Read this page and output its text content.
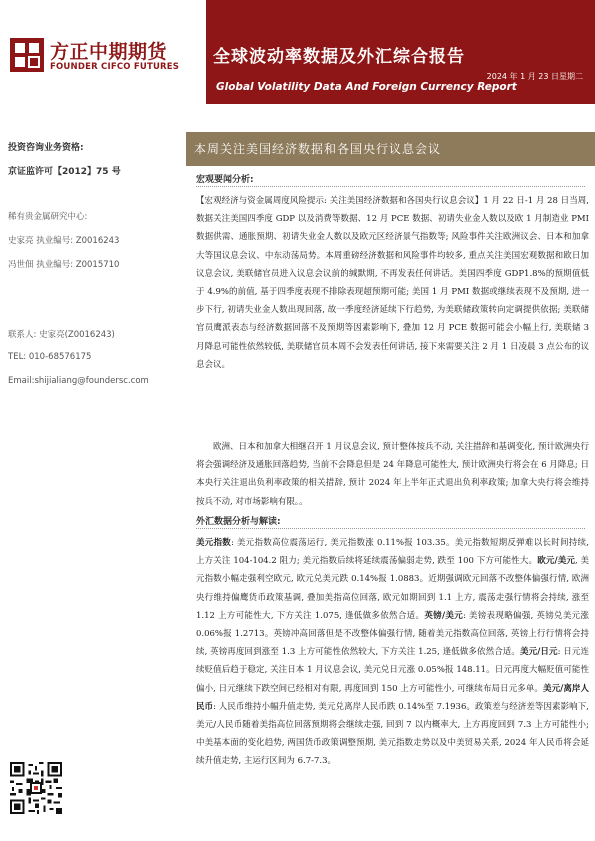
方正中期期货
FOUNDER CIFCO FUTURES 全球波动率数据及外汇综合报告
2024 年 1 月 23 日星期二
Global Volatility Data And Foreign Currency Report
投资咨询业务资格:
京证监许可【2012】75 号
稀有贵金属研究中心:
史家亮 执业编号: Z0016243
冯世佃 执业编号: Z0015710
联系人: 史家亮(Z0016243)
TEL: 010-68576175
Email:shijialiang@foundersc.com
本周关注美国经济数据和各国央行议息会议
宏观要闻分析:
【宏观经济与资金属周度风险提示: 关注美国经济数据和各国央行议息会议】1 月 22 日-1 月 28 日当周, 数据关注美国四季度 GDP 以及消费等数据、12 月 PCE 数据、初请失业金人数以及欧 1 月制造业 PMI 数据供需、通胀预期、初请失业金人数以及欧元区经济景气指数等; 风险事件关注欧洲议会、日本和加拿大等国议息会议、中东动荡局势。本周重磅经济数据和风险事件均较多, 重点关注美国宏观数据和欧日加议息会议, 美联储官员进入议息会议前的缄默期, 不再发表任何讲话。美国四季度 GDP1.8%的预期值低于 4.9%的前值, 基于四季度表现不排除表现超预期可能; 美国 1 月 PMI 数据或继续表现不及预期, 进一步下行, 初请失业金人数出现回落, 故一季度经济延续下行趋势, 为美联储政策转向定调提供依据; 美联储官员鹰派表态与经济数据回落不及预期等因素影响下, 叠加 12 月 PCE 数据可能会小幅上行, 美联储 3 月降息可能性依然较低, 美联储官员本周不会发表任何讲话, 接下来需要关注 2 月 1 日凌晨 3 点公布的议息会议。
欧洲、日本和加拿大相继召开 1 月议息会议, 预计整体按兵不动, 关注措辞和基调变化, 预计欧洲央行将会强调经济及通胀回落趋势, 当前不会降息但是 24 年降息可能性大, 预计欧洲央行将会在 6 月降息; 日本央行关注退出负利率政策的相关措辞, 预计 2024 年上半年正式退出负利率政策; 加拿大央行将会维持按兵不动, 对市场影响有限。。
外汇数据分析与解读:
美元指数: 美元指数高位震荡运行, 美元指数涨 0.11%报 103.35。美元指数短期反弹难以长时间持续, 上方关注 104-104.2 阻力; 美元指数后续将延续震荡偏弱走势, 跌至 100 下方可能性大。欧元/美元, 美元指数小幅走强利空欧元, 欧元兑美元跌 0.14%报 1.0883。近期强调欧元回落不改整体偏强行情, 欧洲央行维持偏鹰货币政策基调, 叠加美指高位回落, 欧元如期回到 1.1 上方, 震荡走强行情将会持续, 涨至 1.12 上方可能性大, 下方关注 1.075, 逢低做多依然合适。英镑/美元: 美镑表现略偏强, 英镑兑美元涨 0.06%报 1.2713。英镑冲高回落但是不改整体偏强行情, 随着美元指数高位回落, 英镑上行行情将会持续, 英镑再度回到涨至 1.3 上方可能性依然较大, 下方关注 1.25, 逢低做多依然合适。美元/日元: 日元连续贬值后趋于稳定, 关注日本 1 月议息会议, 美元兑日元涨 0.05%报 148.11。日元再度大幅贬值可能性偏小, 日元继续下跌空间已经相对有限, 再度回到 150 上方可能性小, 可继续布局日元多单。美元/离岸人民币: 人民币维持小幅升值走势, 美元兑离岸人民币跌 0.14%至 7.1936。政策差与经济差等因素影响下, 美元/人民币随着美指高位回落预期将会继续走强, 回到 7 以内概率大, 上方再度回到 7.3 上方可能性小; 中美基本面的变化趋势, 两国货币政策调整预期, 美元指数走势以及中美贸易关系, 2024 年人民币将会延续升值走势, 主运行区间为 6.7-7.3。
